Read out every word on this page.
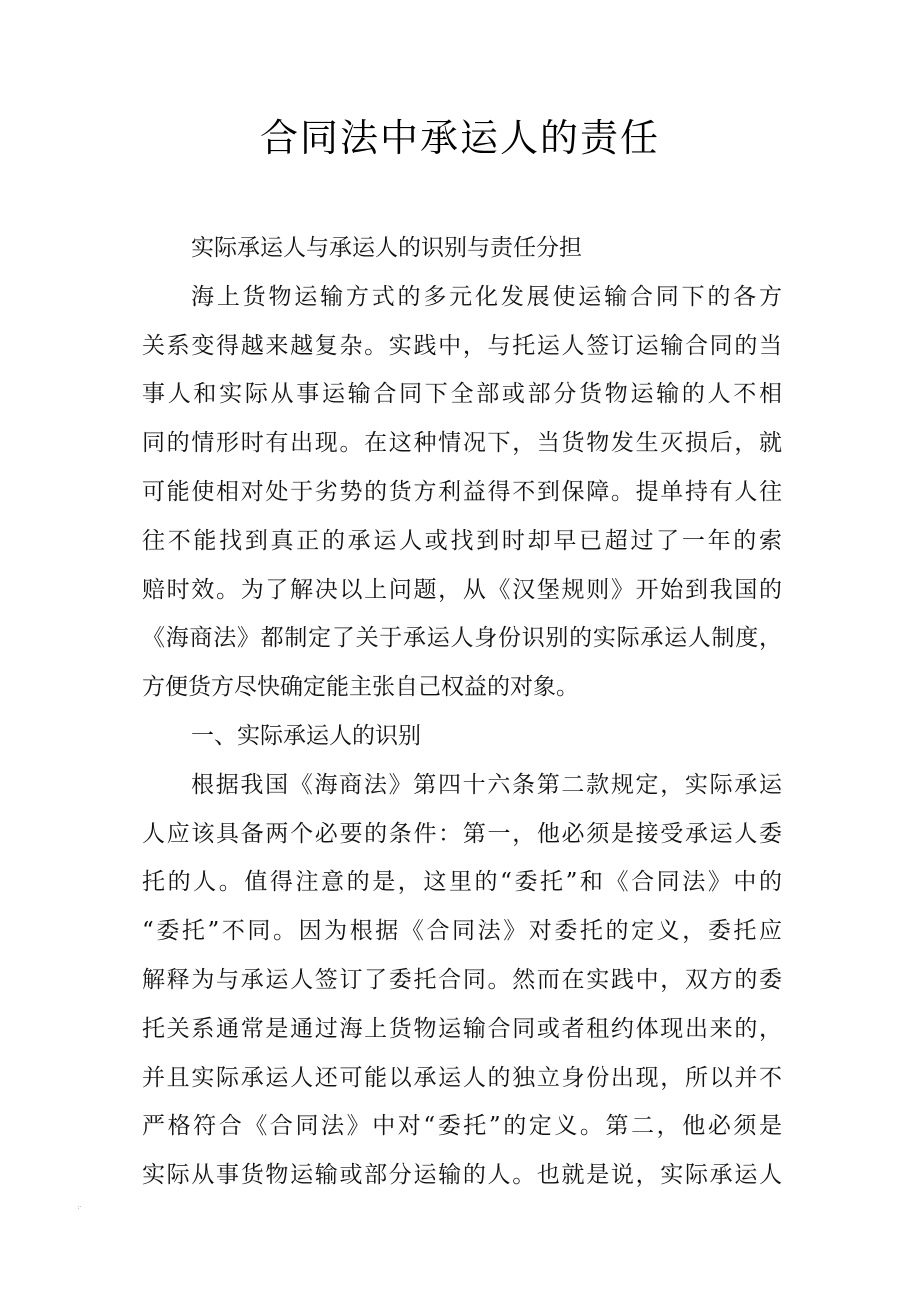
合同法中承运人的责任
实际承运人与承运人的识别与责任分担
海上货物运输方式的多元化发展使运输合同下的各方
关系变得越来越复杂。实践中，与托运人签订运输合同的当
事人和实际从事运输合同下全部或部分货物运输的人不相
同的情形时有出现。在这种情况下，当货物发生灭损后，就
可能使相对处于劣势的货方利益得不到保障。提单持有人往
往不能找到真正的承运人或找到时却早已超过了一年的索
赔时效。为了解决以上问题，从《汉堡规则》开始到我国的
《海商法》都制定了关于承运人身份识别的实际承运人制度，
方便货方尽快确定能主张自己权益的对象。
一、实际承运人的识别
根据我国《海商法》第四十六条第二款规定，实际承运
人应该具备两个必要的条件：第一，他必须是接受承运人委
托的人。值得注意的是，这里的“委托”和《合同法》中的
“委托”不同。因为根据《合同法》对委托的定义，委托应
解释为与承运人签订了委托合同。然而在实践中，双方的委
托关系通常是通过海上货物运输合同或者租约体现出来的，
并且实际承运人还可能以承运人的独立身份出现，所以并不
严格符合《合同法》中对“委托”的定义。第二，他必须是
实际从事货物运输或部分运输的人。也就是说，实际承运人
